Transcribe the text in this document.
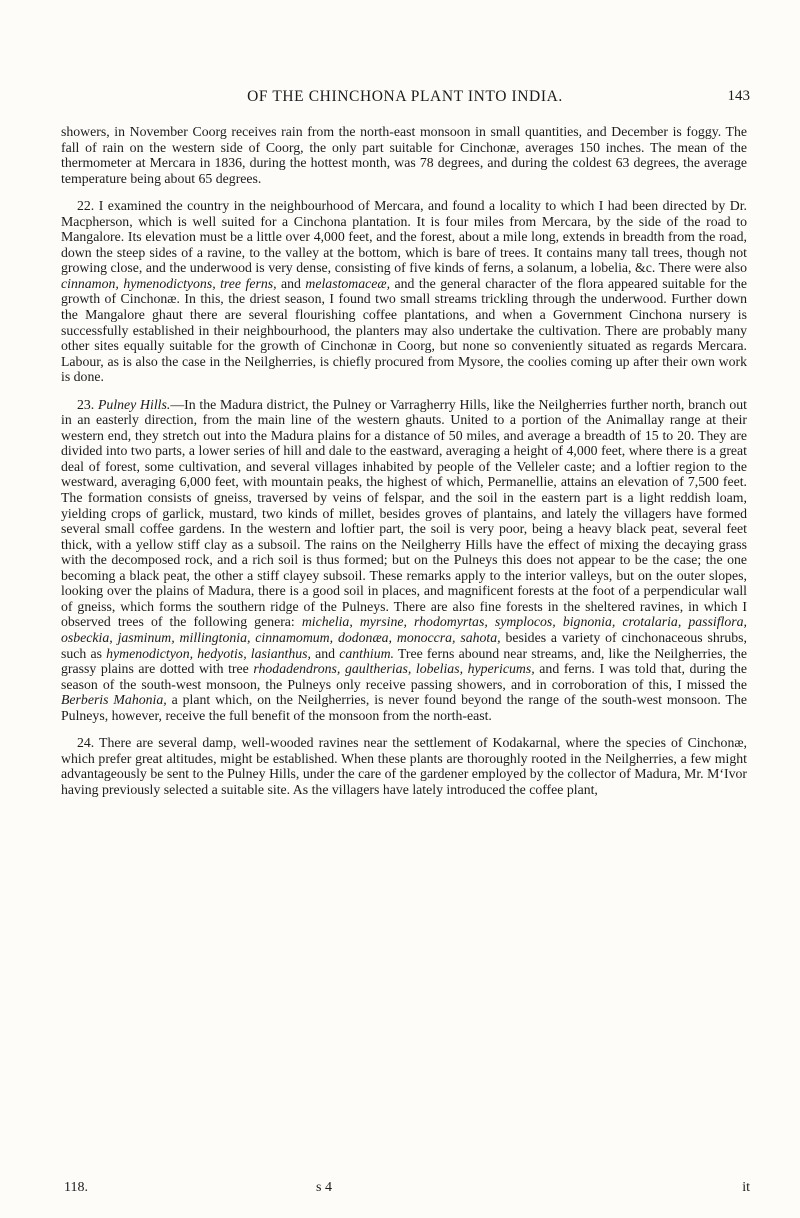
OF THE CHINCHONA PLANT INTO INDIA.	143

showers, in November Coorg receives rain from the north-east monsoon in small quantities, and December is foggy. The fall of rain on the western side of Coorg, the only part suitable for Cinchonæ, averages 150 inches. The mean of the thermometer at Mercara in 1836, during the hottest month, was 78 degrees, and during the coldest 63 degrees, the average temperature being about 65 degrees.

22. I examined the country in the neighbourhood of Mercara, and found a locality to which I had been directed by Dr. Macpherson, which is well suited for a Cinchona plantation. It is four miles from Mercara, by the side of the road to Mangalore. Its elevation must be a little over 4,000 feet, and the forest, about a mile long, extends in breadth from the road, down the steep sides of a ravine, to the valley at the bottom, which is bare of trees. It contains many tall trees, though not growing close, and the underwood is very dense, consisting of five kinds of ferns, a solanum, a lobelia, &c. There were also cinnamon, hymenodictyons, tree ferns, and melastomaceæ, and the general character of the flora appeared suitable for the growth of Cinchonæ. In this, the driest season, I found two small streams trickling through the underwood. Further down the Mangalore ghaut there are several flourishing coffee plantations, and when a Government Cinchona nursery is successfully established in their neighbourhood, the planters may also undertake the cultivation. There are probably many other sites equally suitable for the growth of Cinchonæ in Coorg, but none so conveniently situated as regards Mercara. Labour, as is also the case in the Neilgherries, is chiefly procured from Mysore, the coolies coming up after their own work is done.

23. Pulney Hills.—In the Madura district, the Pulney or Varragherry Hills, like the Neilgherries further north, branch out in an easterly direction, from the main line of the western ghauts. United to a portion of the Animallay range at their western end, they stretch out into the Madura plains for a distance of 50 miles, and average a breadth of 15 to 20. They are divided into two parts, a lower series of hill and dale to the eastward, averaging a height of 4,000 feet, where there is a great deal of forest, some cultivation, and several villages inhabited by people of the Velleler caste; and a loftier region to the westward, averaging 6,000 feet, with mountain peaks, the highest of which, Permanellie, attains an elevation of 7,500 feet. The formation consists of gneiss, traversed by veins of felspar, and the soil in the eastern part is a light reddish loam, yielding crops of garlick, mustard, two kinds of millet, besides groves of plantains, and lately the villagers have formed several small coffee gardens. In the western and loftier part, the soil is very poor, being a heavy black peat, several feet thick, with a yellow stiff clay as a subsoil. The rains on the Neilgherry Hills have the effect of mixing the decaying grass with the decomposed rock, and a rich soil is thus formed; but on the Pulneys this does not appear to be the case; the one becoming a black peat, the other a stiff clayey subsoil. These remarks apply to the interior valleys, but on the outer slopes, looking over the plains of Madura, there is a good soil in places, and magnificent forests at the foot of a perpendicular wall of gneiss, which forms the southern ridge of the Pulneys. There are also fine forests in the sheltered ravines, in which I observed trees of the following genera: michelia, myrsine, rhodomyrtas, symplocos, bignonia, crotalaria, passiflora, osbeckia, jasminum, millingtonia, cinnamomum, dodonæa, monoccra, sahota, besides a variety of cinchonaceous shrubs, such as hymenodictyon, hedyotis, lasianthus, and canthium. Tree ferns abound near streams, and, like the Neilgherries, the grassy plains are dotted with tree rhodadendrons, gaultherias, lobelias, hypericums, and ferns. I was told that, during the season of the south-west monsoon, the Pulneys only receive passing showers, and in corroboration of this, I missed the Berberis Mahonia, a plant which, on the Neilgherries, is never found beyond the range of the south-west monsoon. The Pulneys, however, receive the full benefit of the monsoon from the north-east.

24. There are several damp, well-wooded ravines near the settlement of Kodakarnal, where the species of Cinchonæ, which prefer great altitudes, might be established. When these plants are thoroughly rooted in the Neilgherries, a few might advantageously be sent to the Pulney Hills, under the care of the gardener employed by the collector of Madura, Mr. M‘Ivor having previously selected a suitable site. As the villagers have lately introduced the coffee plant,

118.	s 4	it
